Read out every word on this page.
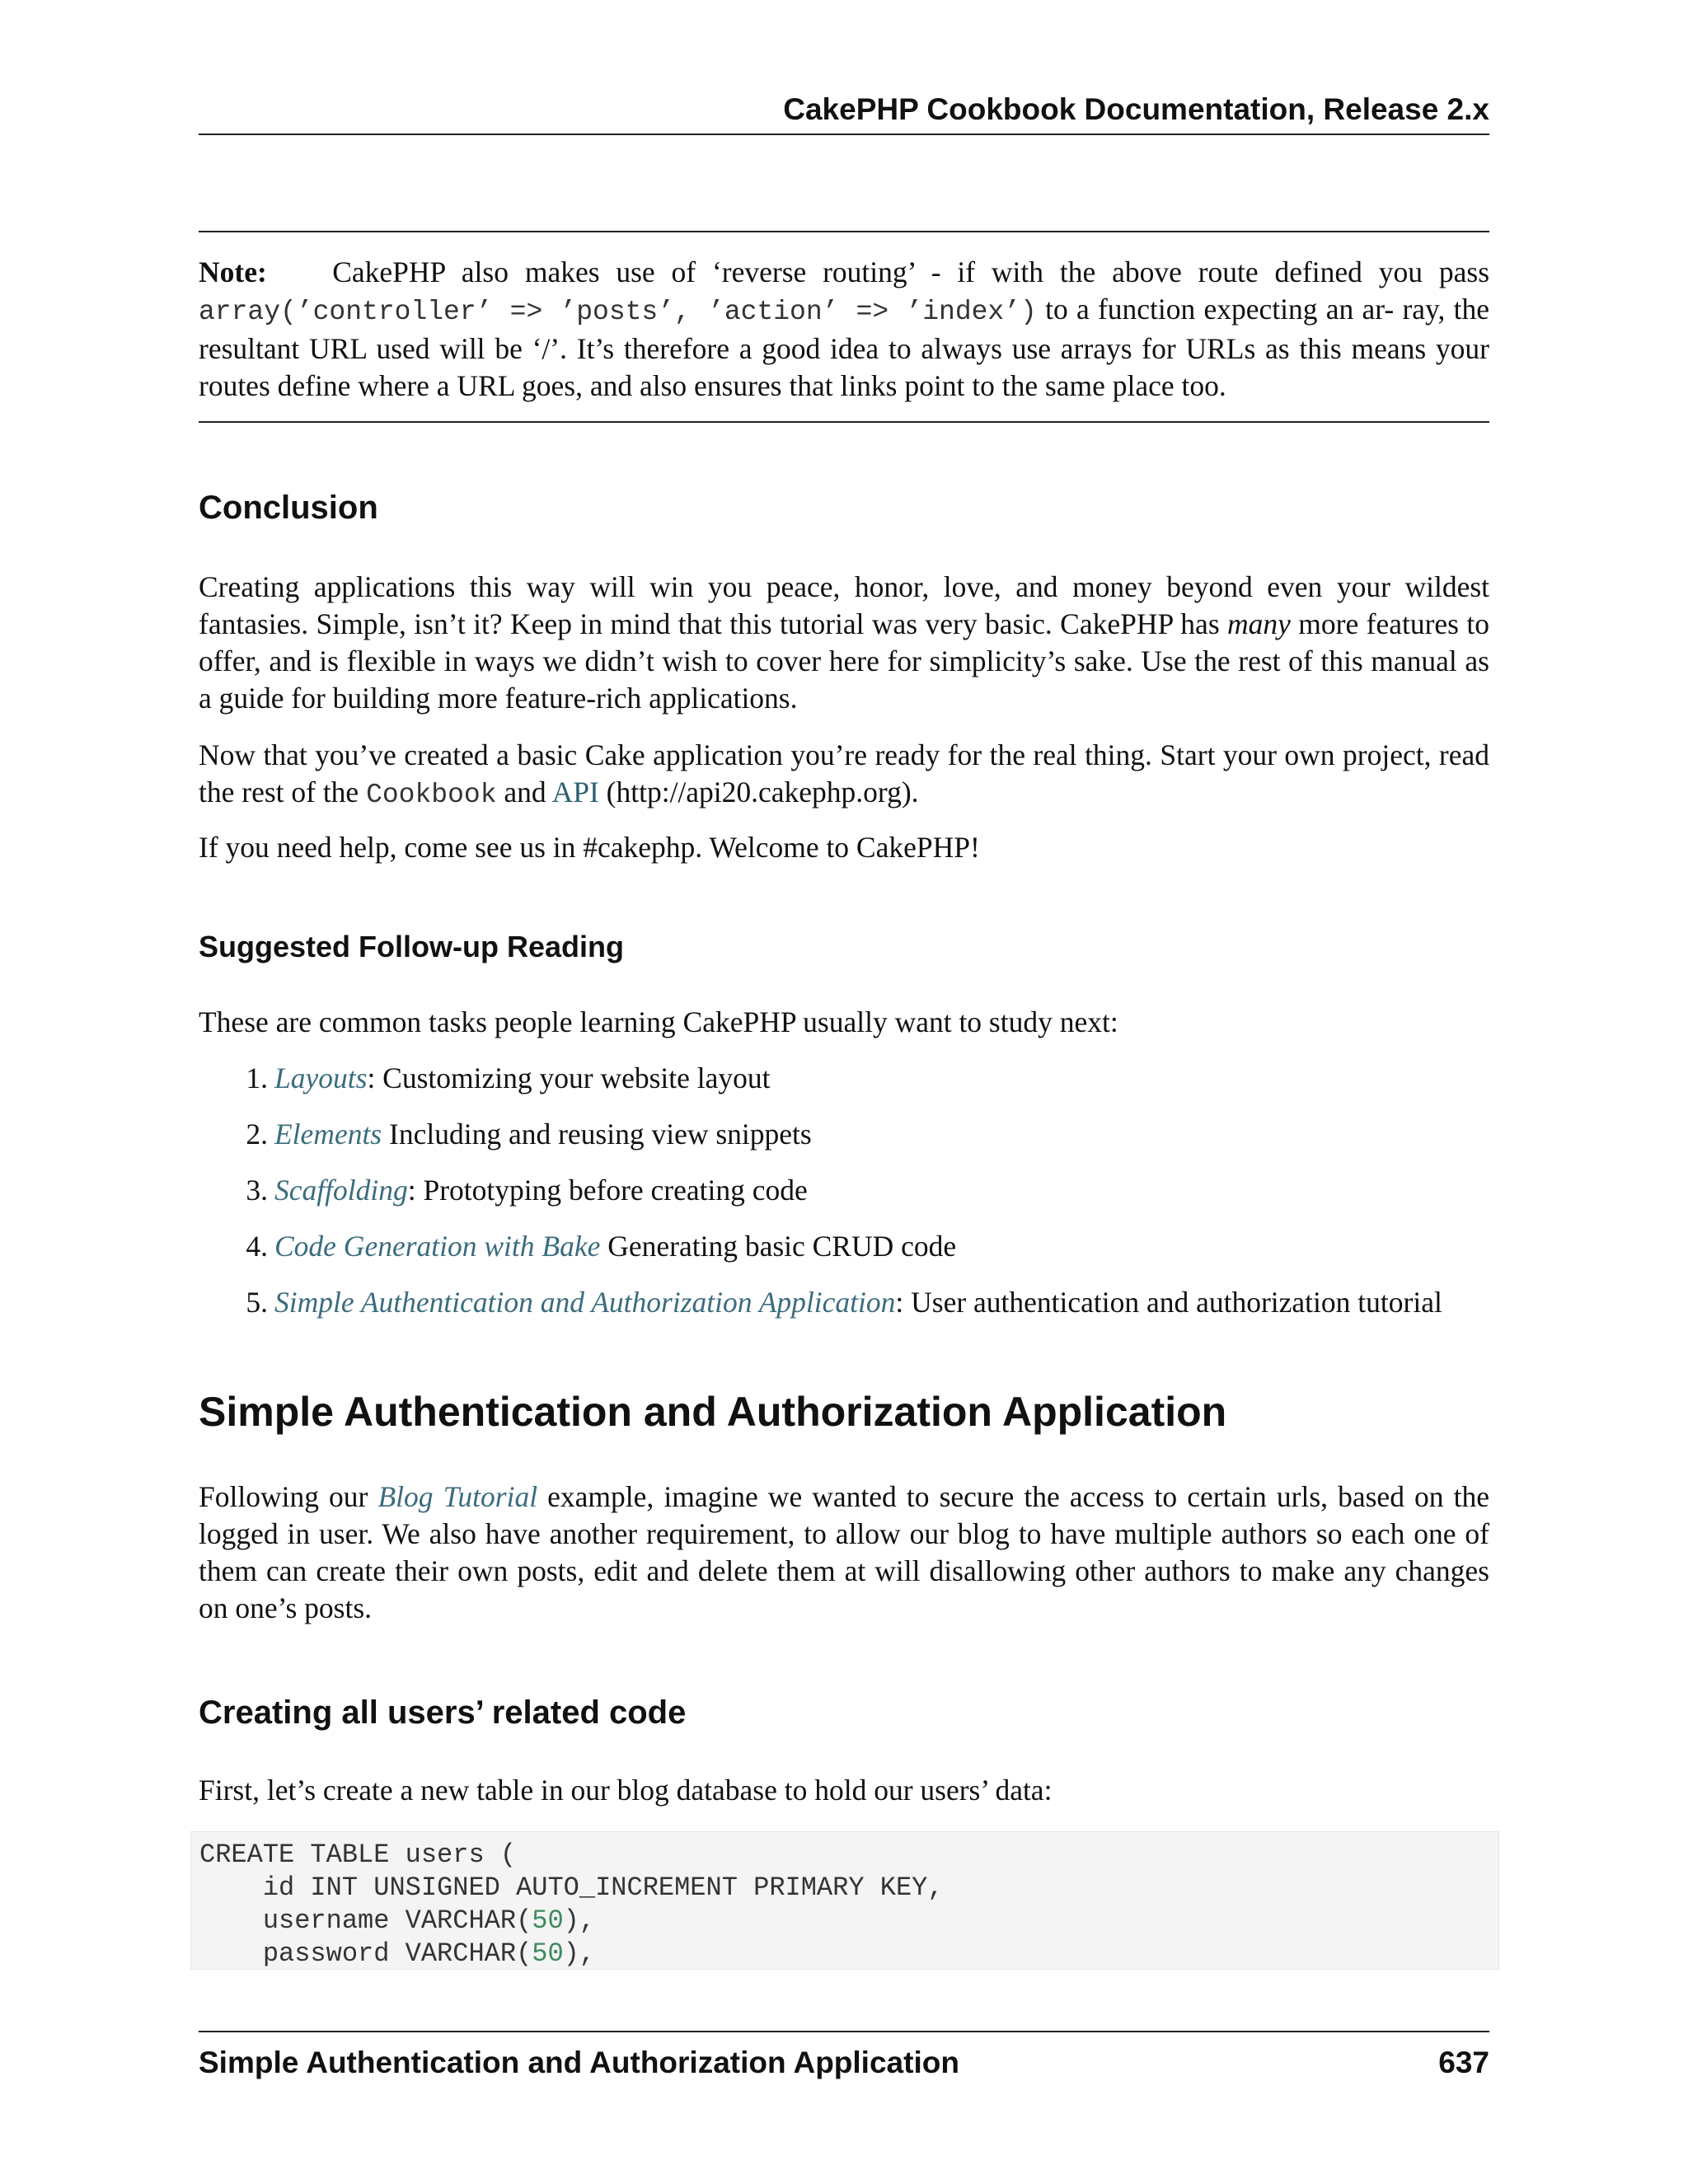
CakePHP Cookbook Documentation, Release 2.x
Note: CakePHP also makes use of ‘reverse routing’ - if with the above route defined you pass array(’controller’ => ’posts’, ’action’ => ’index’) to a function expecting an ar- ray, the resultant URL used will be ‘/’. It’s therefore a good idea to always use arrays for URLs as this means your routes define where a URL goes, and also ensures that links point to the same place too.
Conclusion

Creating applications this way will win you peace, honor, love, and money beyond even your wildest fantasies. Simple, isn’t it? Keep in mind that this tutorial was very basic. CakePHP has many more features to offer, and is flexible in ways we didn’t wish to cover here for simplicity’s sake. Use the rest of this manual as a guide for building more feature-rich applications.

Now that you’ve created a basic Cake application you’re ready for the real thing. Start your own project, read the rest of the Cookbook and API (http://api20.cakephp.org).

If you need help, come see us in #cakephp. Welcome to CakePHP!

Suggested Follow-up Reading

These are common tasks people learning CakePHP usually want to study next:

1. Layouts: Customizing your website layout
2. Elements Including and reusing view snippets
3. Scaffolding: Prototyping before creating code
4. Code Generation with Bake Generating basic CRUD code
5. Simple Authentication and Authorization Application: User authentication and authorization tutorial
Simple Authentication and Authorization Application

Following our Blog Tutorial example, imagine we wanted to secure the access to certain urls, based on the logged in user. We also have another requirement, to allow our blog to have multiple authors so each one of them can create their own posts, edit and delete them at will disallowing other authors to make any changes on one’s posts.

Creating all users’ related code

First, let’s create a new table in our blog database to hold our users’ data:

CREATE TABLE users (
id INT UNSIGNED AUTO_INCREMENT PRIMARY KEY,
username VARCHAR(50),
password VARCHAR(50),
Simple Authentication and Authorization Application	637
